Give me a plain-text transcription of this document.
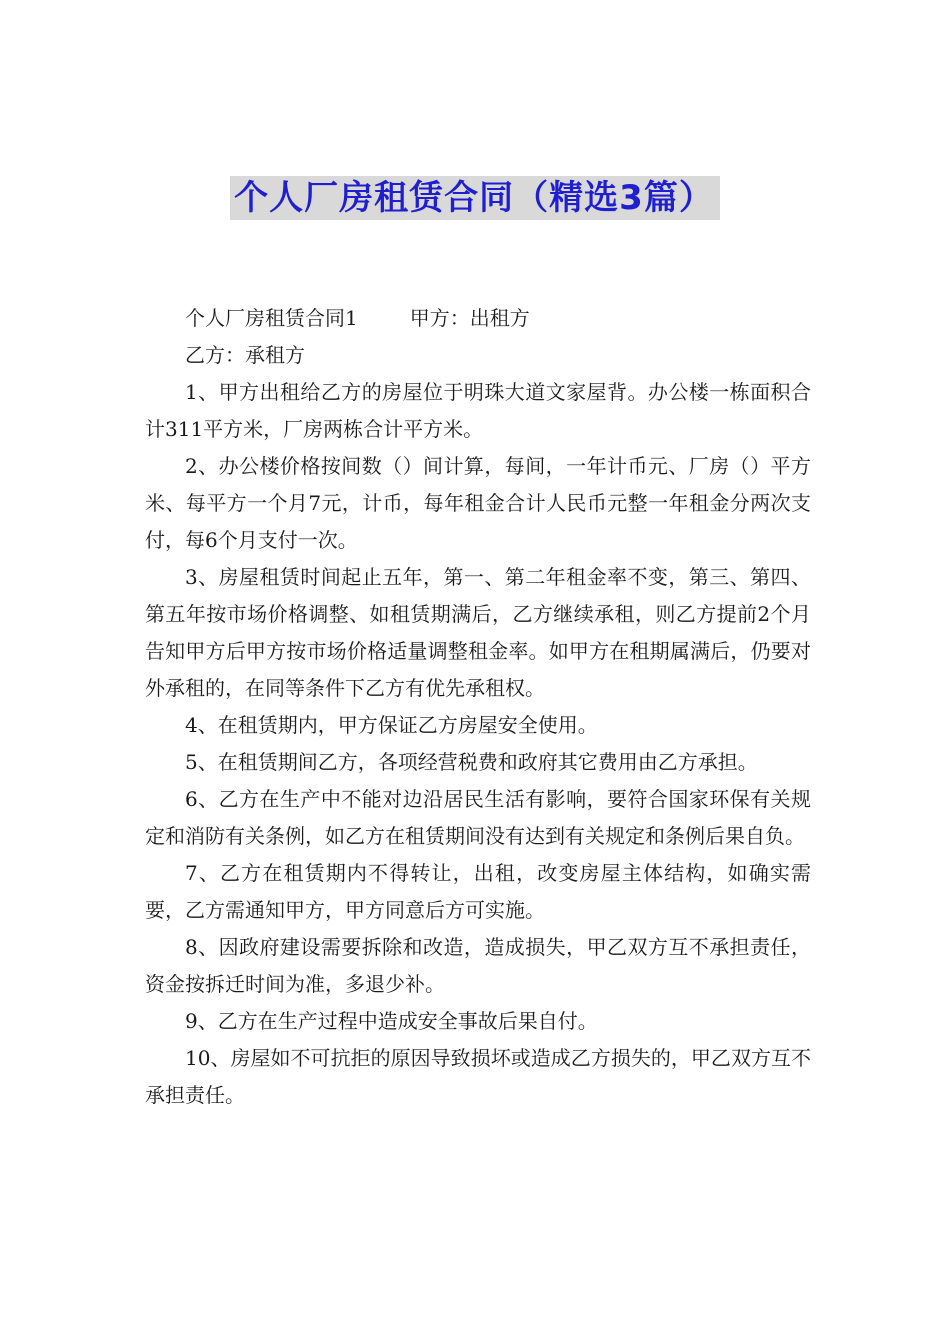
个人厂房租赁合同（精选3篇）

个人厂房租赁合同1	甲方：出租方

乙方：承租方

1、甲方出租给乙方的房屋位于明珠大道文家屋背。办公楼一栋面积合计311平方米，厂房两栋合计平方米。

2、办公楼价格按间数（）间计算，每间，一年计币元、厂房（）平方米、每平方一个月7元，计币，每年租金合计人民币元整一年租金分两次支付，每6个月支付一次。

3、房屋租赁时间起止五年，第一、第二年租金率不变，第三、第四、第五年按市场价格调整、如租赁期满后，乙方继续承租，则乙方提前2个月告知甲方后甲方按市场价格适量调整租金率。如甲方在租期属满后，仍要对外承租的，在同等条件下乙方有优先承租权。

4、在租赁期内，甲方保证乙方房屋安全使用。

5、在租赁期间乙方，各项经营税费和政府其它费用由乙方承担。

6、乙方在生产中不能对边沿居民生活有影响，要符合国家环保有关规定和消防有关条例，如乙方在租赁期间没有达到有关规定和条例后果自负。

7、乙方在租赁期内不得转让，出租，改变房屋主体结构，如确实需要，乙方需通知甲方，甲方同意后方可实施。

8、因政府建设需要拆除和改造，造成损失，甲乙双方互不承担责任，资金按拆迁时间为准，多退少补。

9、乙方在生产过程中造成安全事故后果自付。

10、房屋如不可抗拒的原因导致损坏或造成乙方损失的，甲乙双方互不承担责任。
